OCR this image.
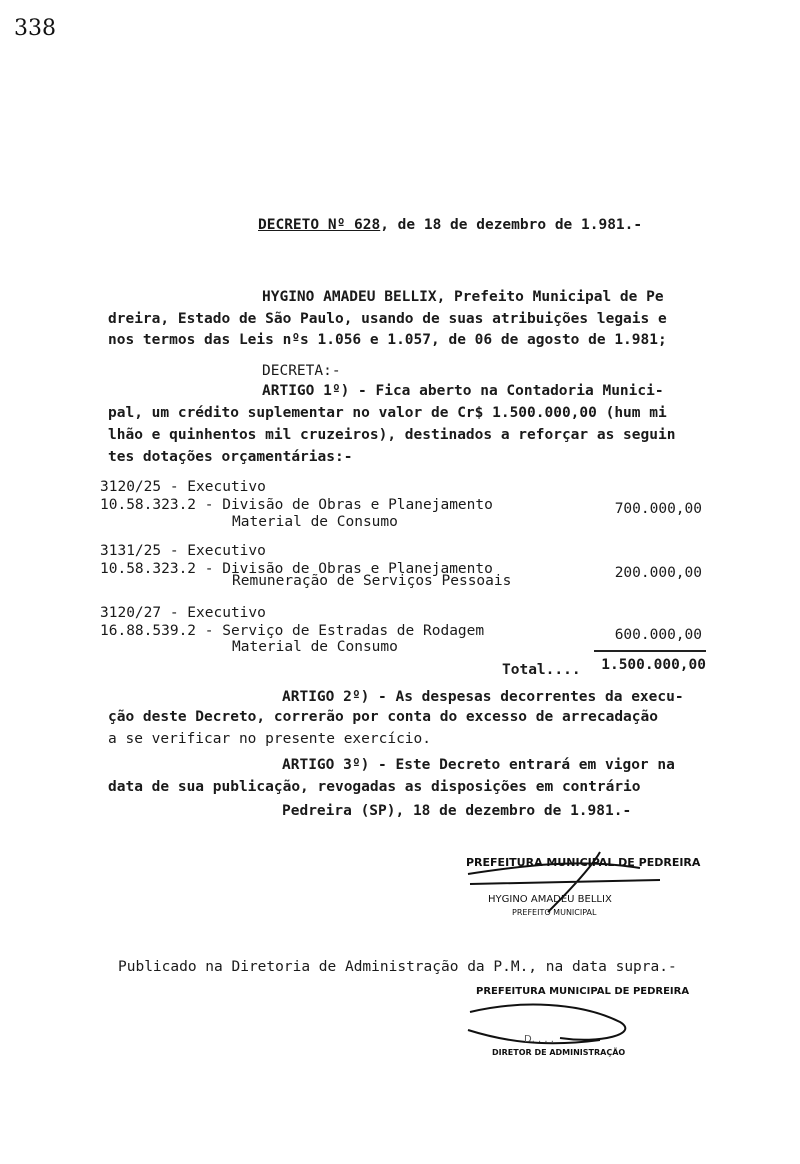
338
DECRETO Nº 628, de 18 de dezembro de 1.981.-
HYGINO AMADEU BELLIX, Prefeito Municipal de Pe
dreira, Estado de São Paulo, usando de suas atribuições legais e
nos termos das Leis nºs 1.056 e 1.057, de 06 de agosto de 1.981;
DECRETA:-
ARTIGO 1º) - Fica aberto na Contadoria Munici-
pal, um crédito suplementar no valor de Cr$ 1.500.000,00 (hum mi
lhão e quinhentos mil cruzeiros), destinados a reforçar as seguin
tes dotações orçamentárias:-
3120/25 - Executivo
10.58.323.2 - Divisão de Obras e Planejamento
Material de Consumo
700.000,00
3131/25 - Executivo
10.58.323.2 - Divisão de Obras e Planejamento
Remuneração de Serviços Pessoais	200.000,00
3120/27 - Executivo
16.88.539.2 - Serviço de Estradas de Rodagem
Material de Consumo
600.000,00
Total....	1.500.000,00
ARTIGO 2º) - As despesas decorrentes da execu-
ção deste Decreto, correrão por conta do excesso de arrecadação
a se verificar no presente exercício.
ARTIGO 3º) - Este Decreto entrará em vigor na
data de sua publicação, revogadas as disposições em contrário
Pedreira (SP), 18 de dezembro de 1.981.-
PREFEITURA MUNICIPAL DE PEDREIRA
HYGINO AMADEU BELLIX
PREFEITO MUNICIPAL
Publicado na Diretoria de Administração da P.M., na data supra.-
PREFEITURA MUNICIPAL DE PEDREIRA
D. . . .
DIRETOR DE ADMINISTRAÇÃO
